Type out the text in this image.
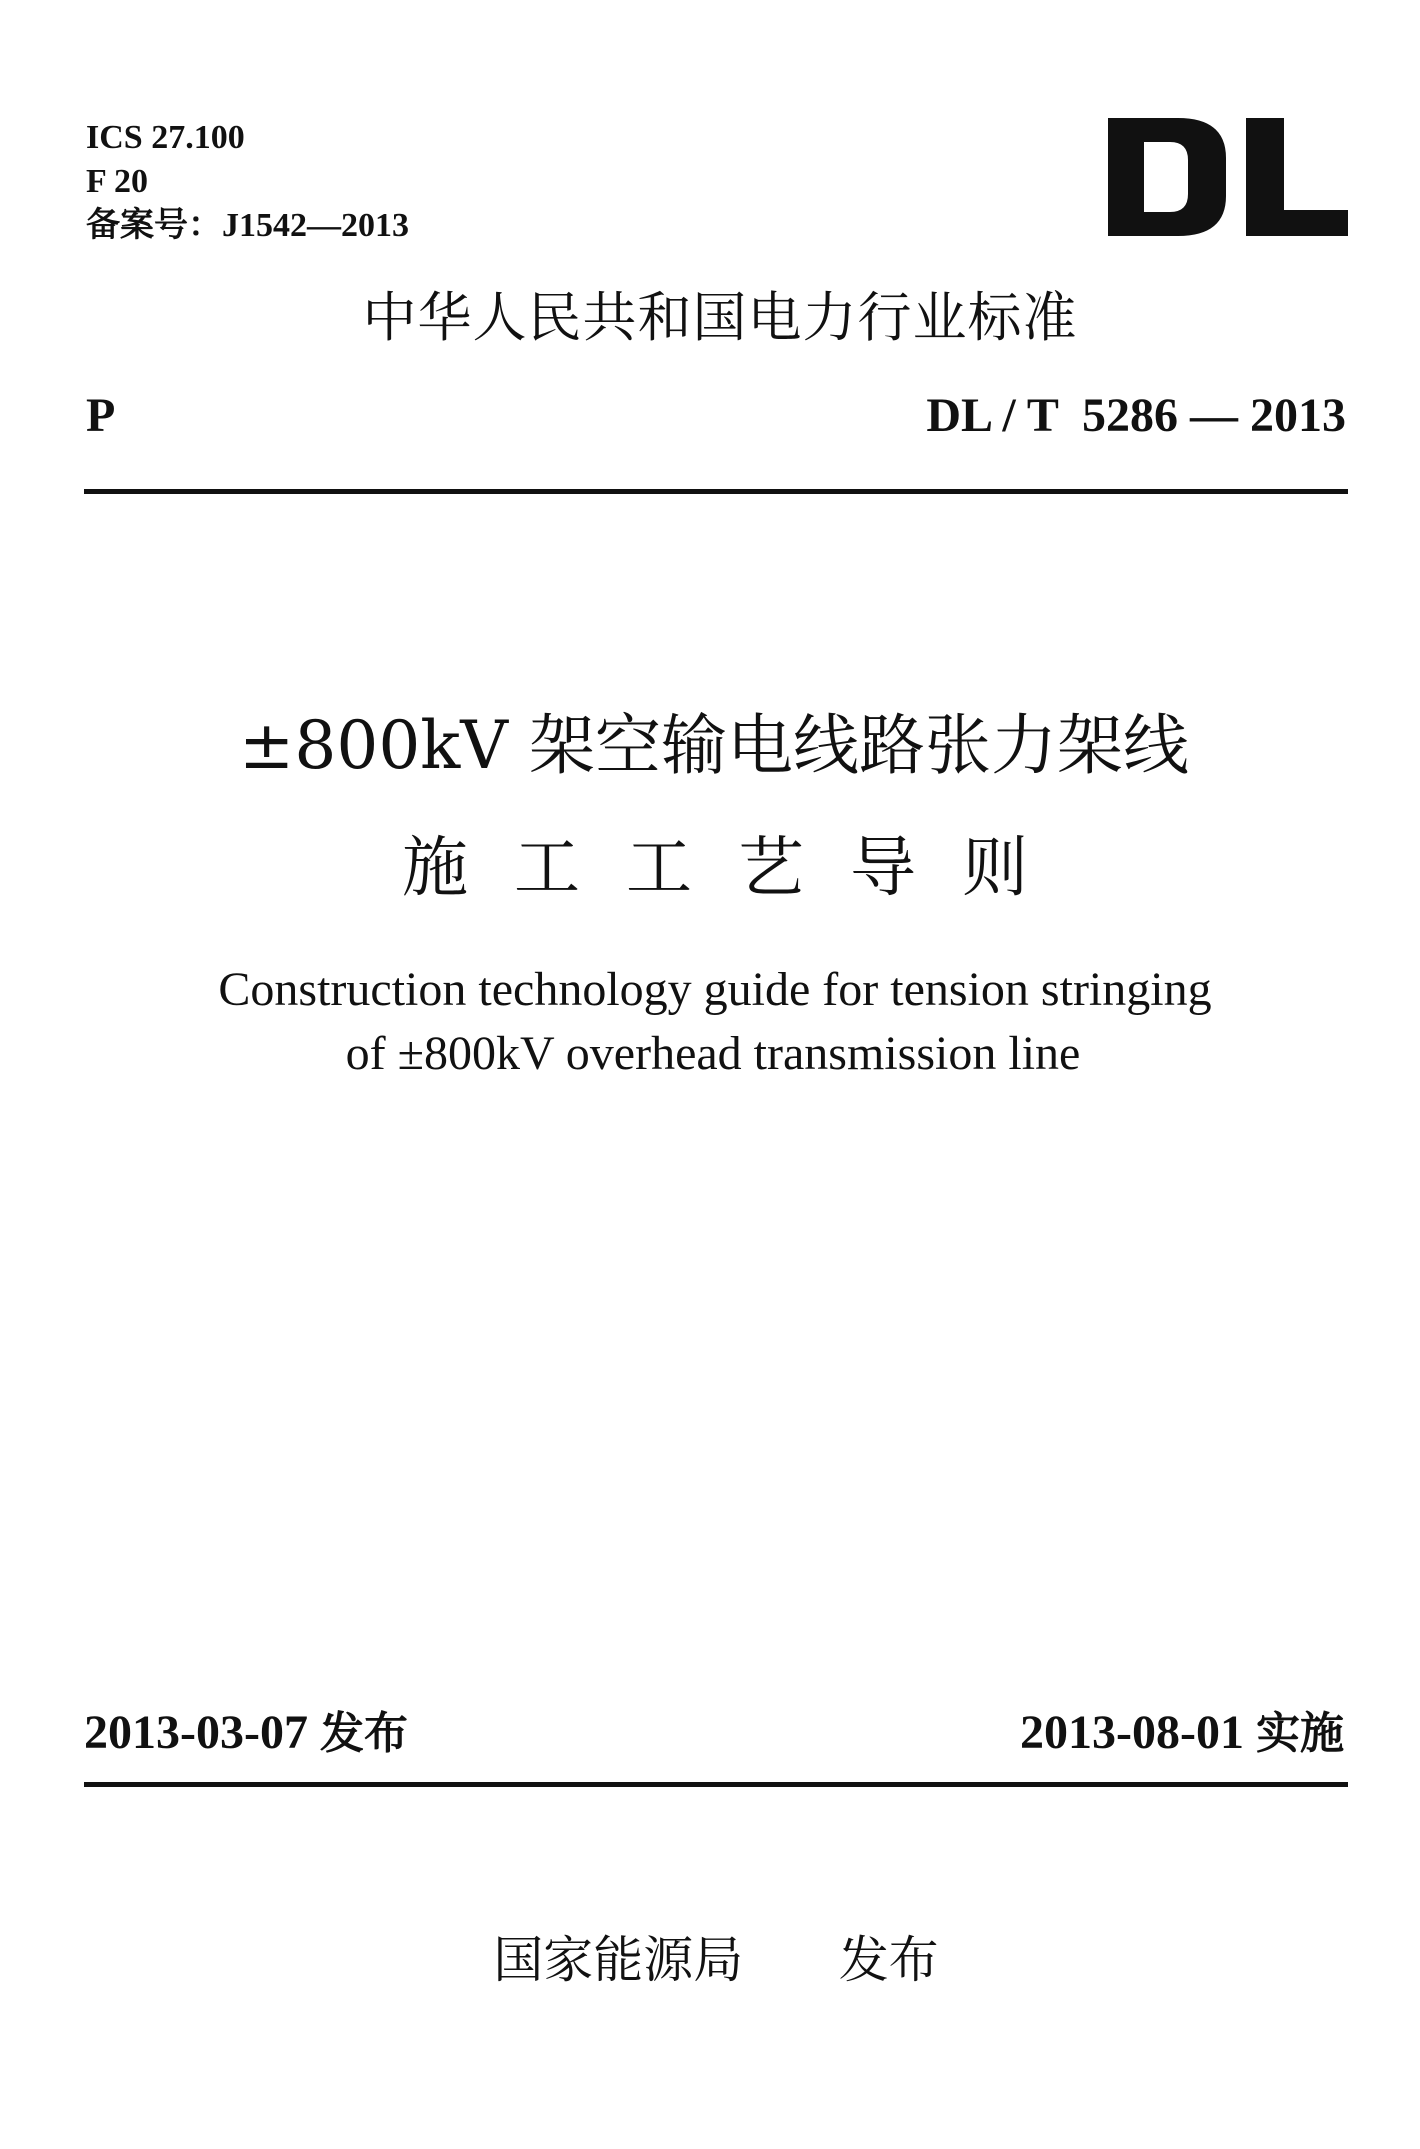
ICS 27.100
F 20
备案号：J1542—2013
中华人民共和国电力行业标准
P	DL / T  5286 — 2013
±800kV 架空输电线路张力架线
施工工艺导则
Construction technology guide for tension stringing
of ±800kV overhead transmission line
2013-03-07 发布	2013-08-01 实施
国家能源局 发布
